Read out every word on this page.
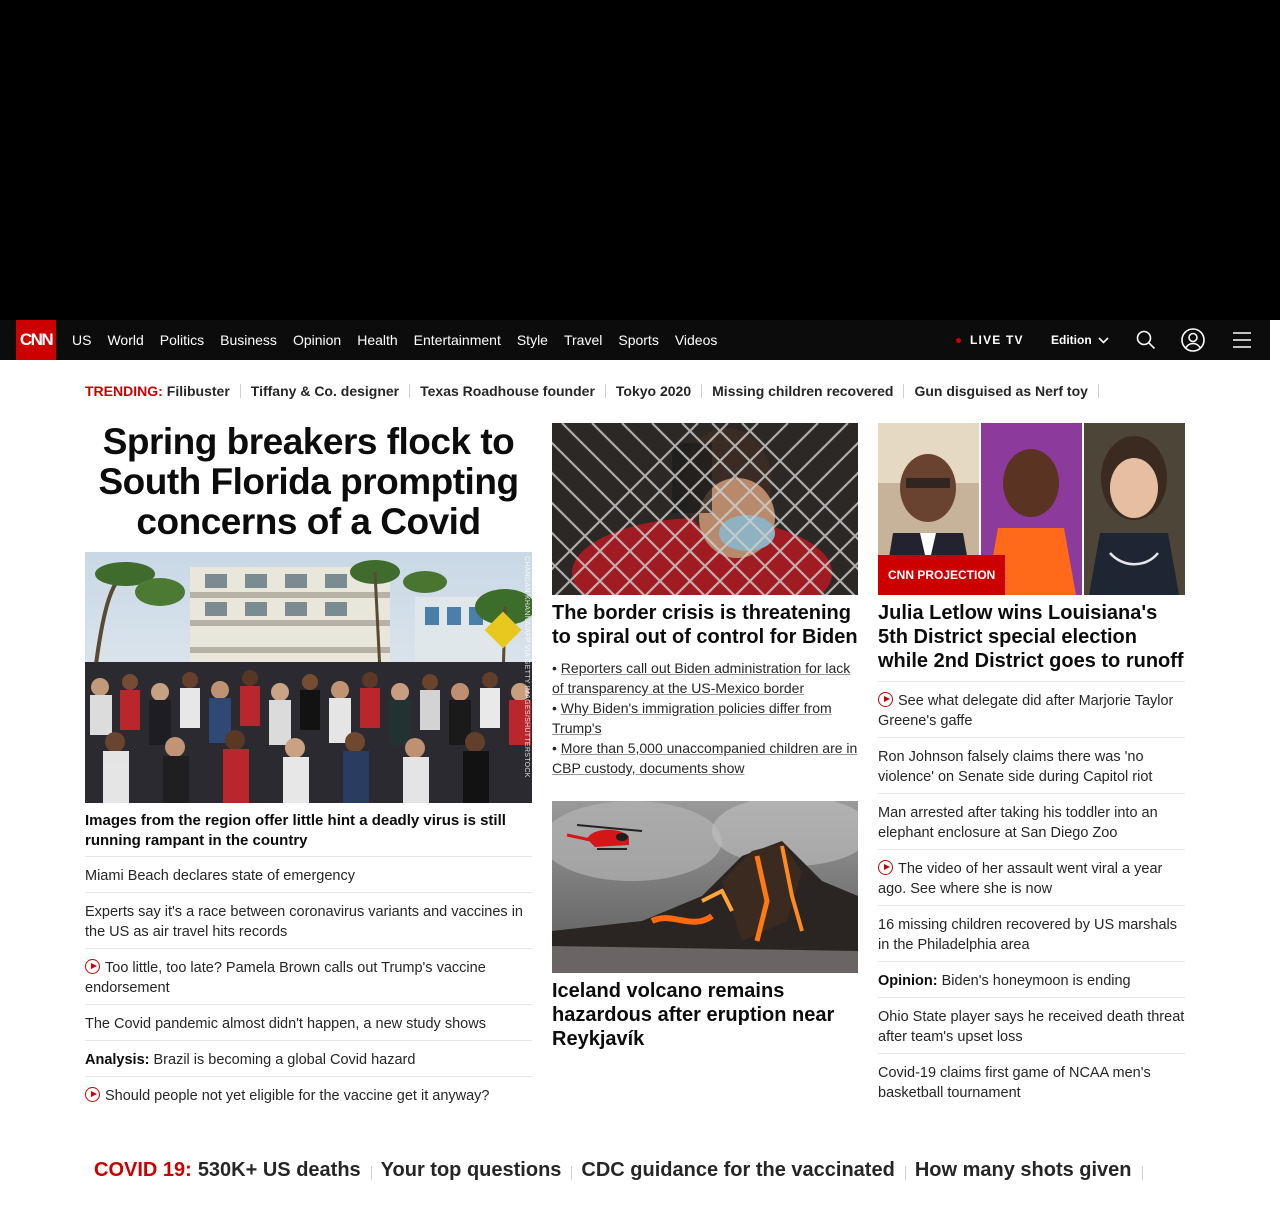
CNN	US	World	Politics	Business	Opinion	Health	Entertainment	Style	Travel	Sports	Videos	LIVE TV Edition
TRENDING: Filibuster	Tiffany & Co. designer	Texas Roadhouse founder	Tokyo 2020	Missing children recovered	Gun disguised as Nerf toy
Spring breakers flock to South Florida prompting concerns of a Covid
CHANDAN KHANNA/AFP VIA GETTY IMAGES/SHUTTERSTOCK
Images from the region offer little hint a deadly virus is still running rampant in the country
Miami Beach declares state of emergency
Experts say it's a race between coronavirus variants and vaccines in the US as air travel hits records
Too little, too late? Pamela Brown calls out Trump's vaccine endorsement
The Covid pandemic almost didn't happen, a new study shows
Analysis: Brazil is becoming a global Covid hazard
Should people not yet eligible for the vaccine get it anyway?
The border crisis is threatening to spiral out of control for Biden
• Reporters call out Biden administration for lack of transparency at the US-Mexico border
• Why Biden's immigration policies differ from Trump's
• More than 5,000 unaccompanied children are in CBP custody, documents show
Iceland volcano remains hazardous after eruption near Reykjavík
CNN PROJECTION
Julia Letlow wins Louisiana's 5th District special election while 2nd District goes to runoff
See what delegate did after Marjorie Taylor Greene's gaffe
Ron Johnson falsely claims there was 'no violence' on Senate side during Capitol riot
Man arrested after taking his toddler into an elephant enclosure at San Diego Zoo
The video of her assault went viral a year ago. See where she is now
16 missing children recovered by US marshals in the Philadelphia area
Opinion: Biden's honeymoon is ending
Ohio State player says he received death threat after team's upset loss
Covid-19 claims first game of NCAA men's basketball tournament
COVID 19: 530K+ US deaths	Your top questions	CDC guidance for the vaccinated	How many shots given
